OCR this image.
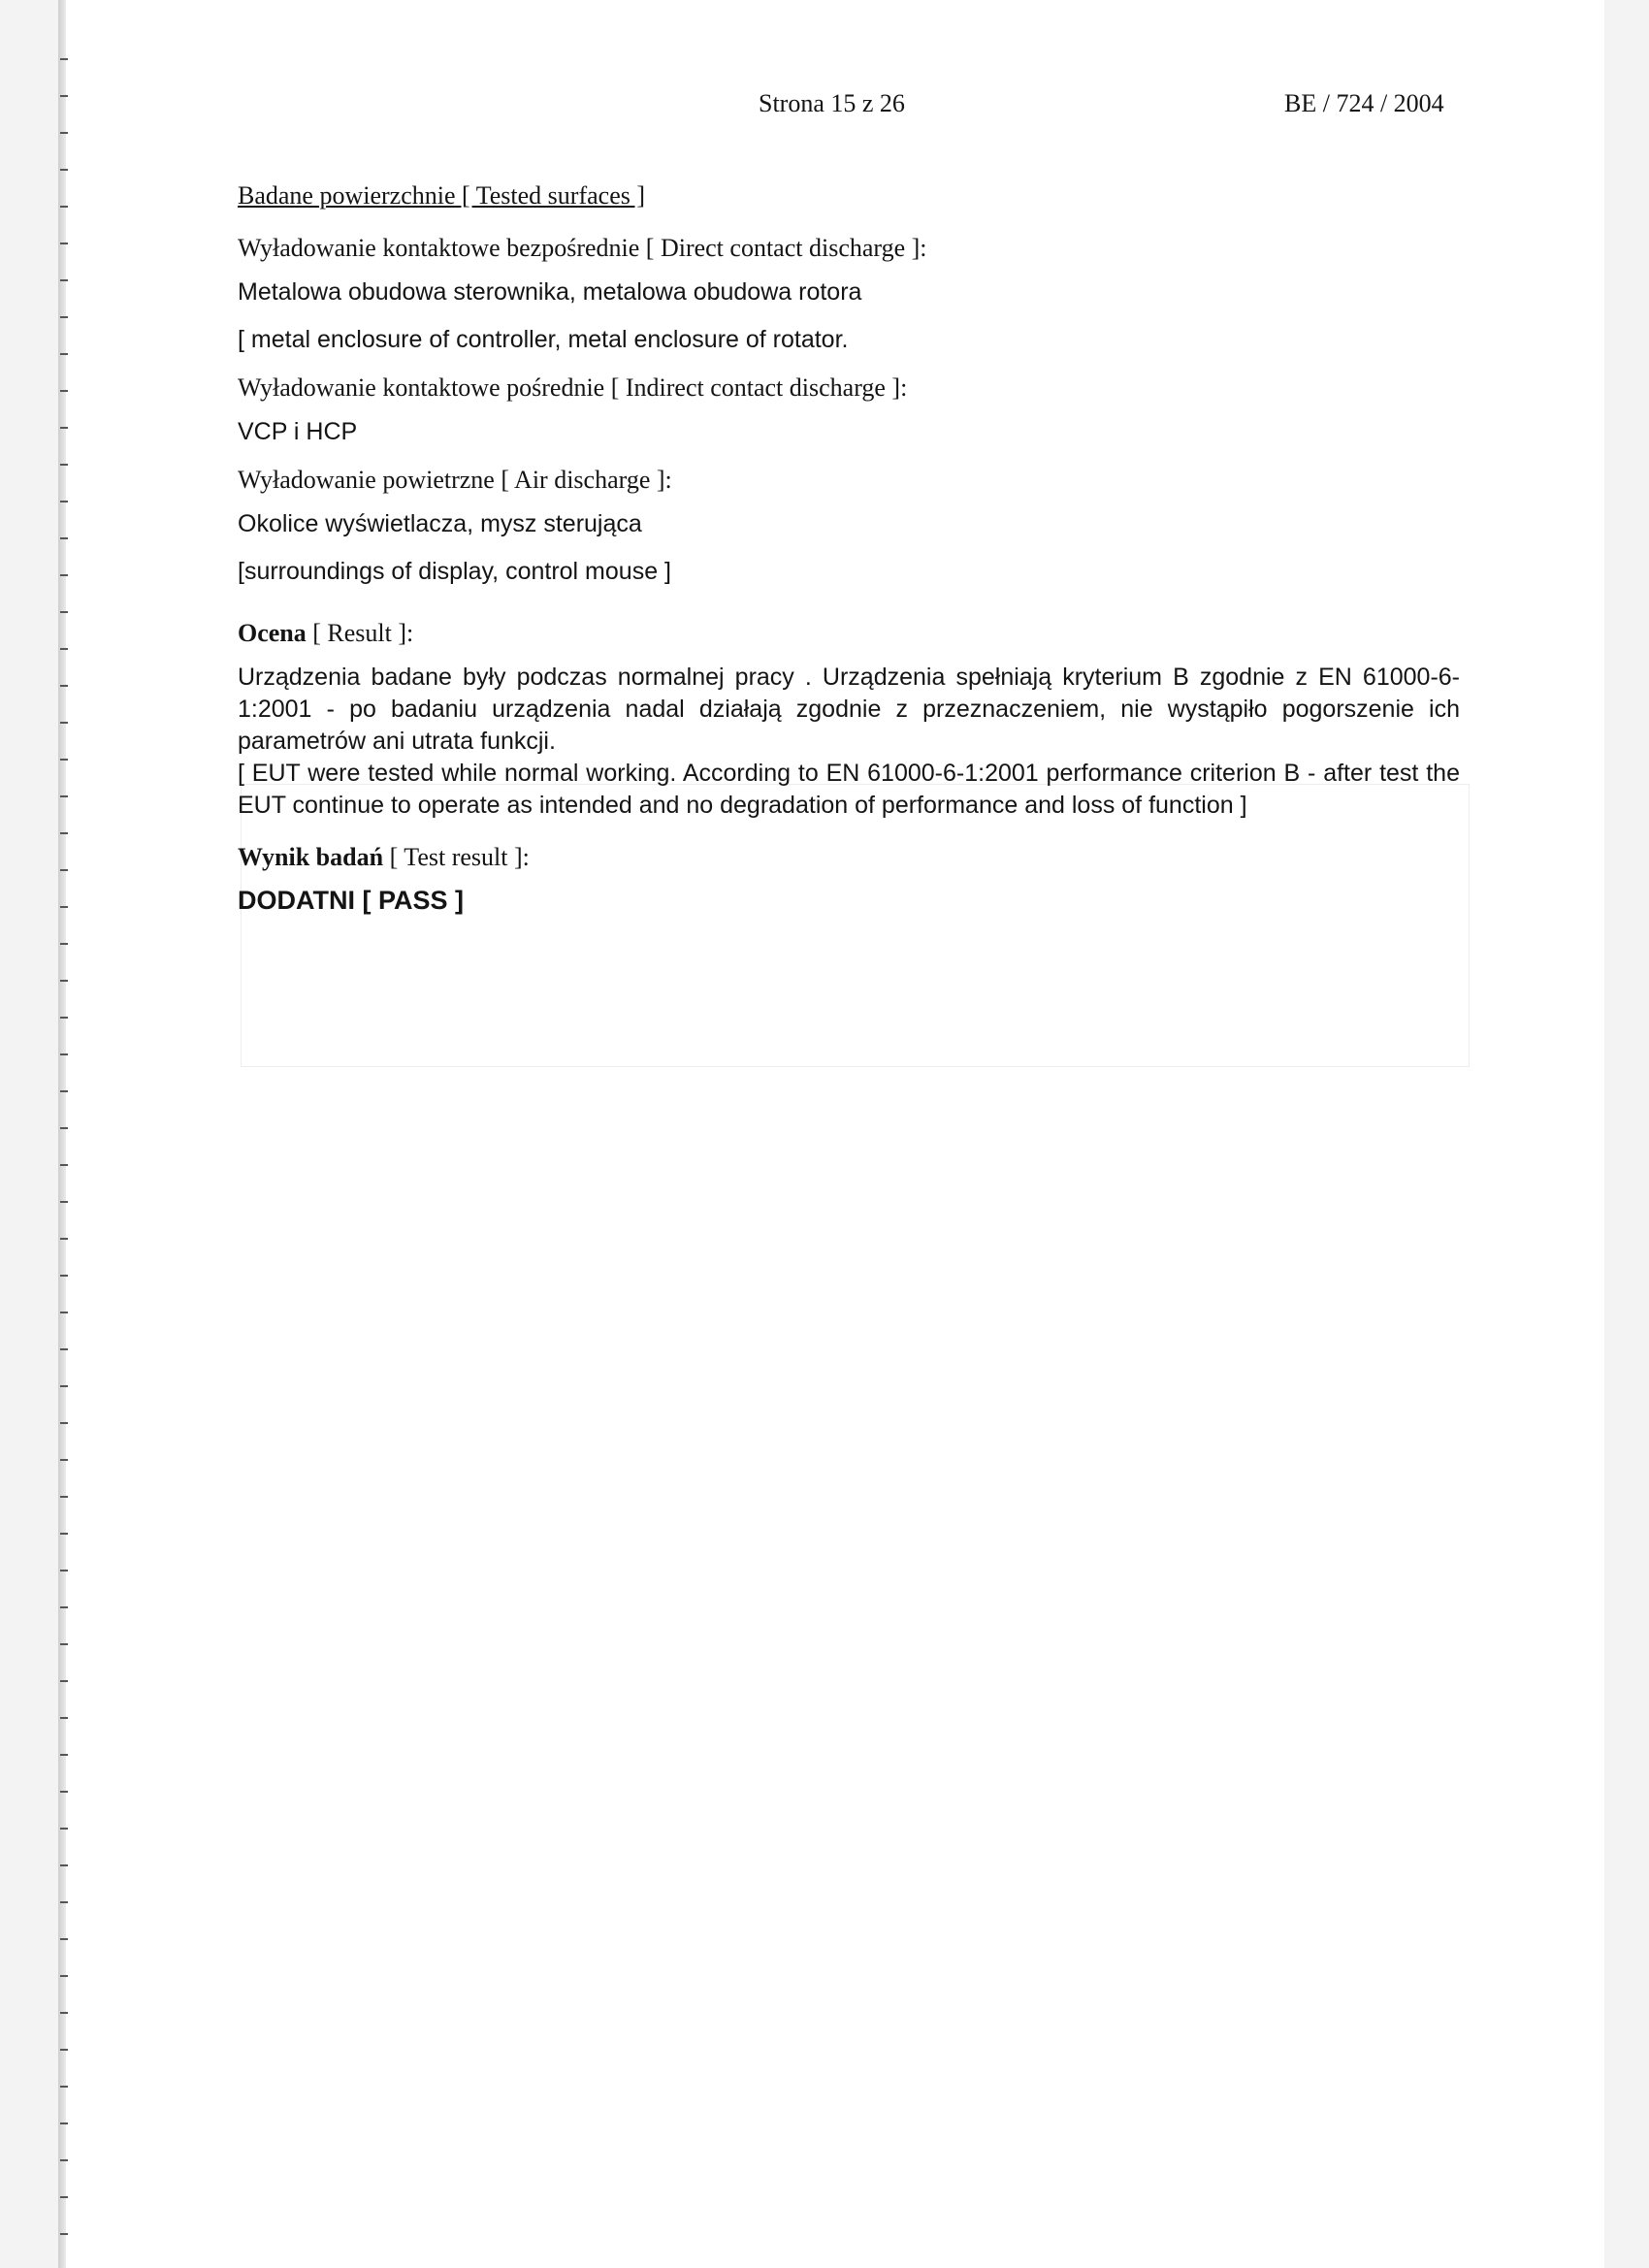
Strona 15 z 26	BE / 724 / 2004

Badane powierzchnie [ Tested surfaces ]

Wyładowanie kontaktowe bezpośrednie [ Direct contact discharge ]:

Metalowa obudowa sterownika, metalowa obudowa rotora

[ metal enclosure of controller, metal enclosure of rotator.

Wyładowanie kontaktowe pośrednie [ Indirect contact discharge ]:

VCP i HCP

Wyładowanie powietrzne [ Air discharge ]:

Okolice wyświetlacza, mysz sterująca

[surroundings of display, control mouse ]

Ocena [ Result ]:

Urządzenia badane były podczas normalnej pracy . Urządzenia spełniają kryterium B zgodnie z EN 61000-6-1:2001 - po badaniu urządzenia nadal działają zgodnie z przeznaczeniem, nie wystąpiło pogorszenie ich parametrów ani utrata funkcji.

[ EUT were tested while normal working. According to EN 61000-6-1:2001 performance criterion B - after test the EUT continue to operate as intended and no degradation of performance and loss of function ]

Wynik badań [ Test result ]:

DODATNI [ PASS ]
